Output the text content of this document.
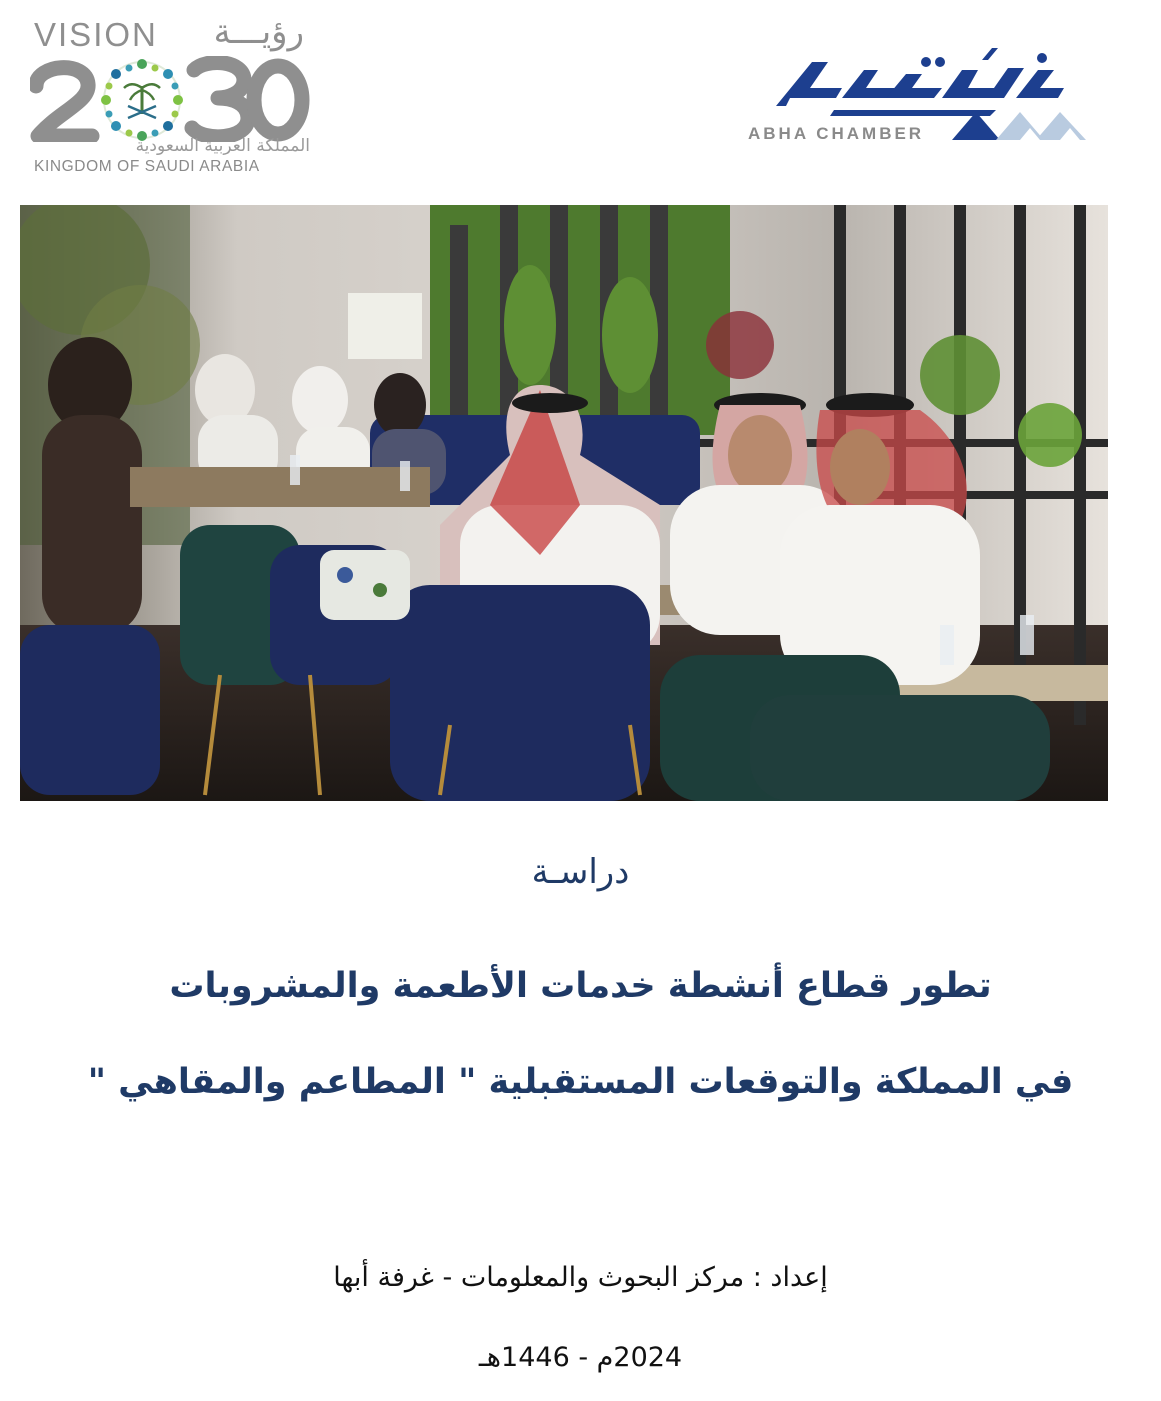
VISION رؤيـــة
المملكة العربية السعودية
KINGDOM OF SAUDI ARABIA
ABHA CHAMBER
دراسـة
تطور قطاع أنشطة خدمات الأطعمة والمشروبات
في المملكة والتوقعات المستقبلية " المطاعم والمقاهي "
إعداد : مركز البحوث والمعلومات - غرفة أبها
2024م - 1446هـ
